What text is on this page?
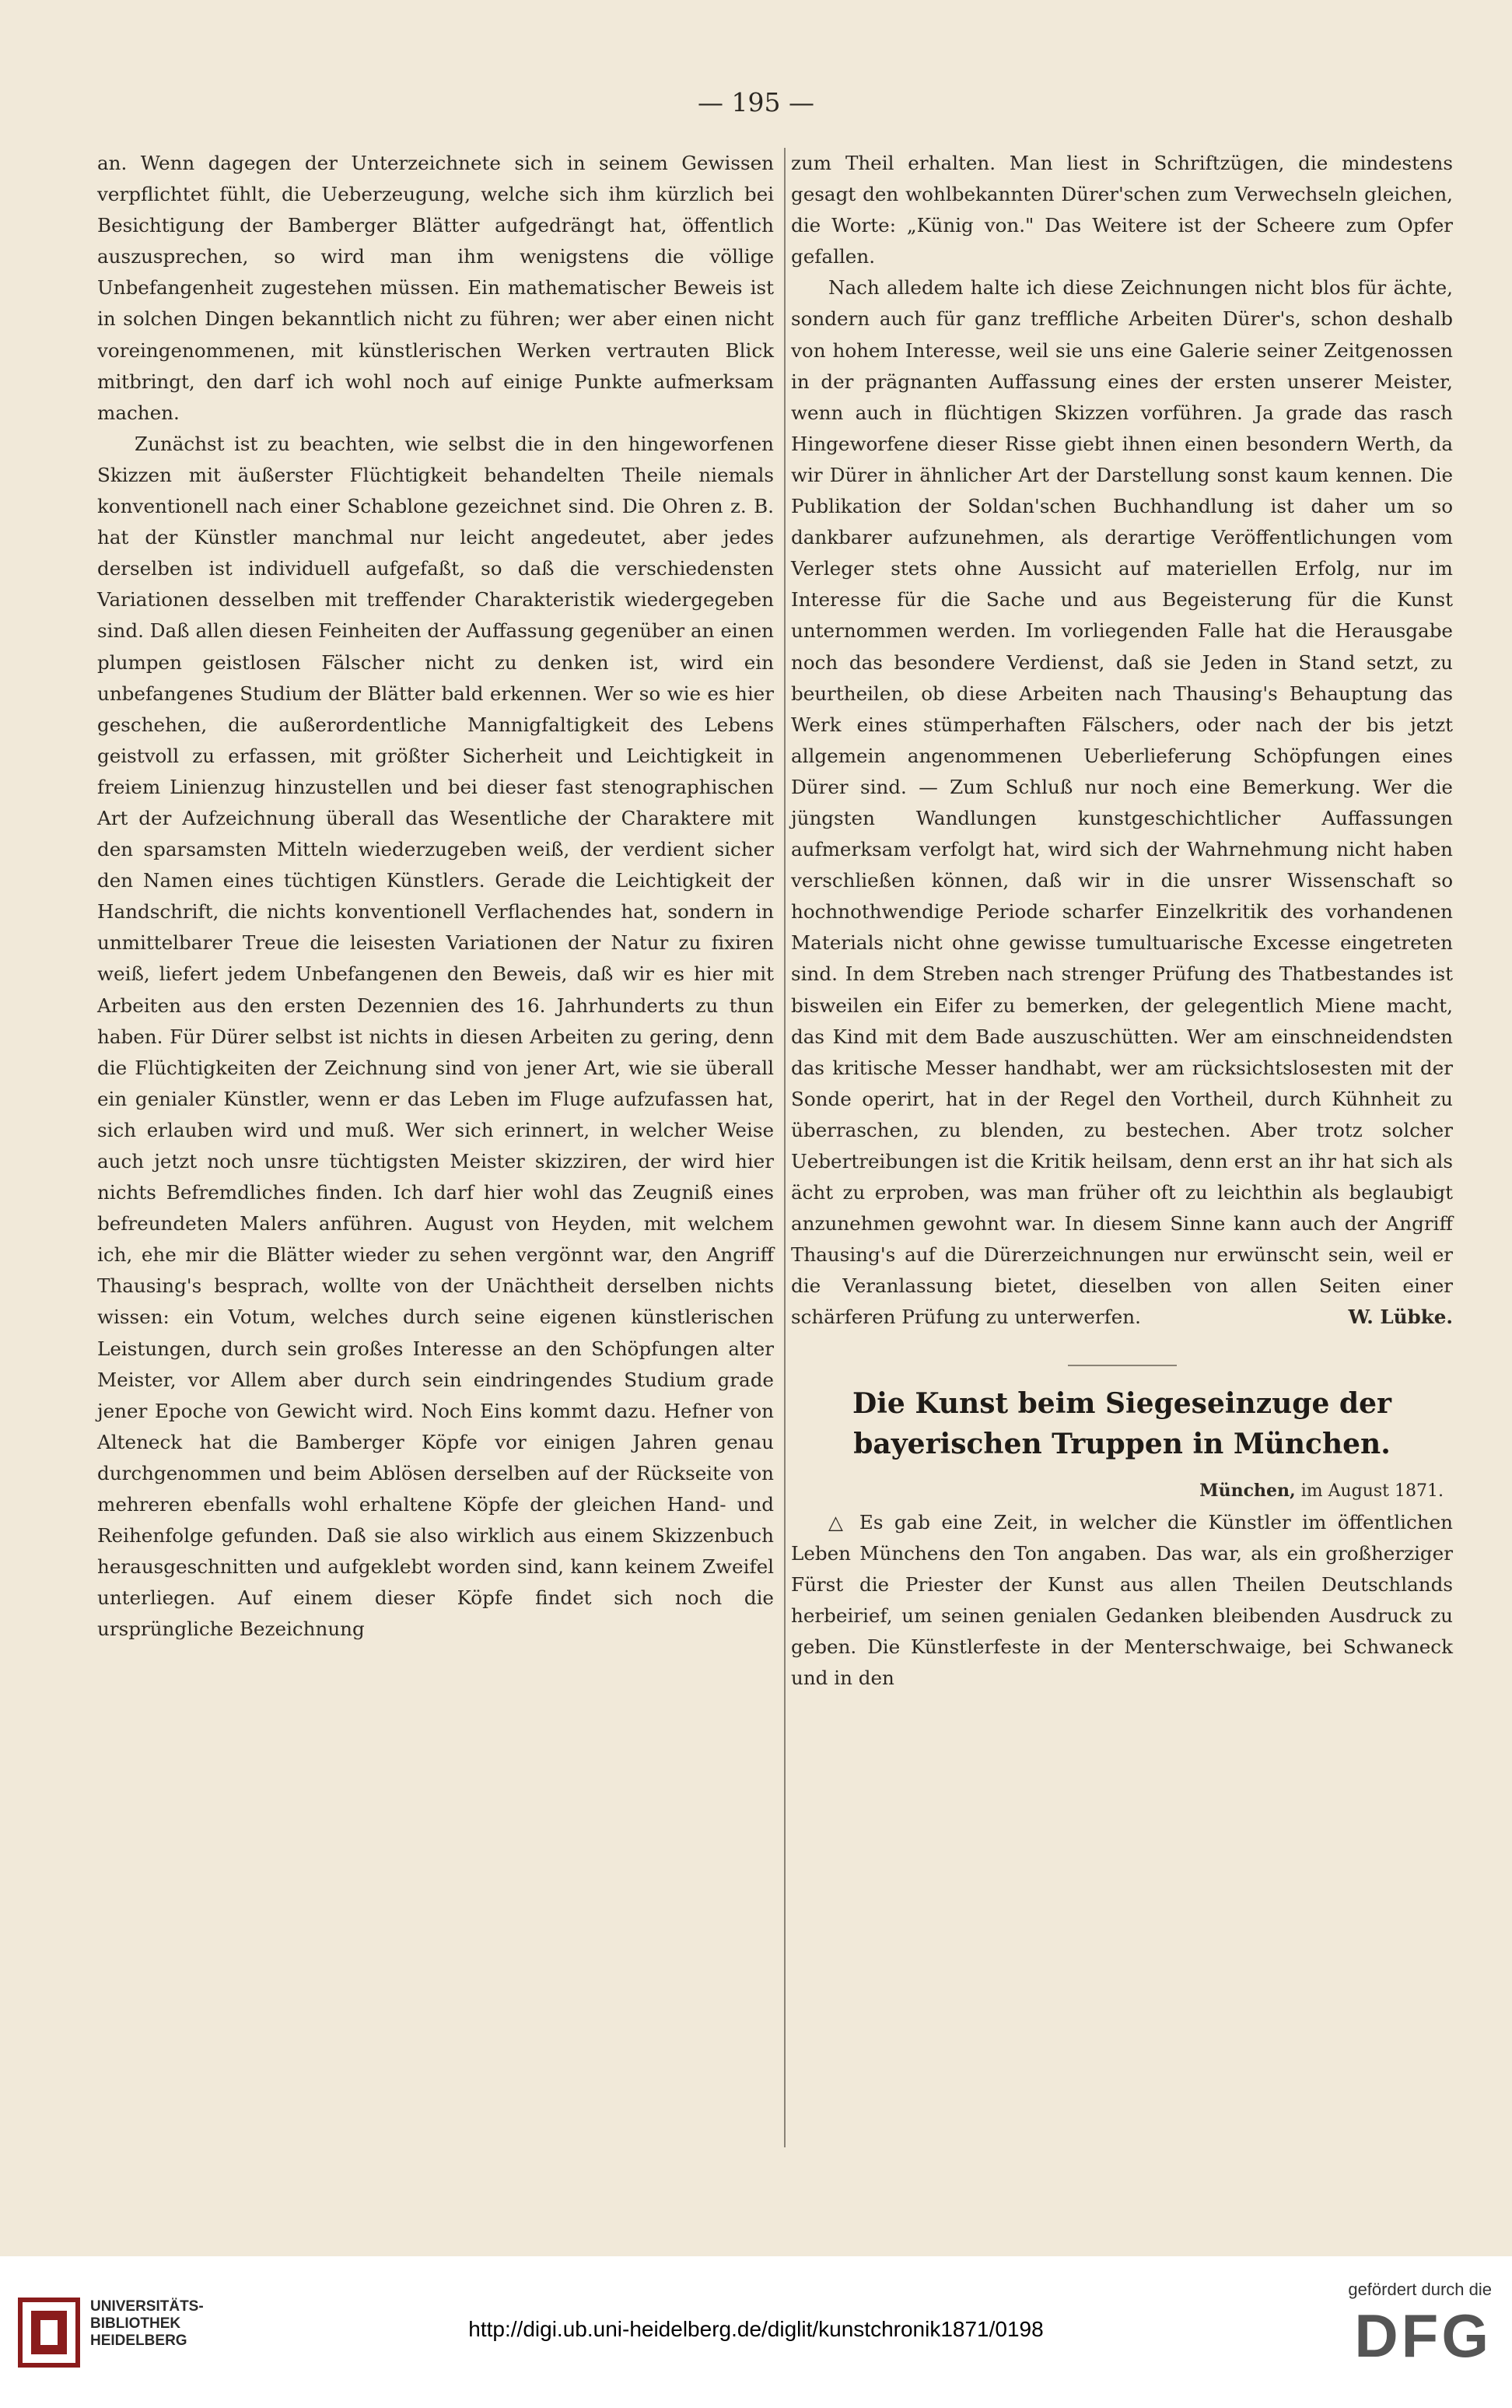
— 195 —

an. Wenn dagegen der Unterzeichnete sich in seinem Gewissen verpflichtet fühlt, die Ueberzeugung, welche sich ihm kürzlich bei Besichtigung der Bamberger Blätter aufgedrängt hat, öffentlich auszusprechen, so wird man ihm wenigstens die völlige Unbefangenheit zugestehen müssen. Ein mathematischer Beweis ist in solchen Dingen bekanntlich nicht zu führen; wer aber einen nicht voreingenommenen, mit künstlerischen Werken vertrauten Blick mitbringt, den darf ich wohl noch auf einige Punkte aufmerksam machen.

Zunächst ist zu beachten, wie selbst die in den hingeworfenen Skizzen mit äußerster Flüchtigkeit behandelten Theile niemals konventionell nach einer Schablone gezeichnet sind. Die Ohren z. B. hat der Künstler manchmal nur leicht angedeutet, aber jedes derselben ist individuell aufgefaßt, so daß die verschiedensten Variationen desselben mit treffender Charakteristik wiedergegeben sind. Daß allen diesen Feinheiten der Auffassung gegenüber an einen plumpen geistlosen Fälscher nicht zu denken ist, wird ein unbefangenes Studium der Blätter bald erkennen. Wer so wie es hier geschehen, die außerordentliche Mannigfaltigkeit des Lebens geistvoll zu erfassen, mit größter Sicherheit und Leichtigkeit in freiem Linienzug hinzustellen und bei dieser fast stenographischen Art der Aufzeichnung überall das Wesentliche der Charaktere mit den sparsamsten Mitteln wiederzugeben weiß, der verdient sicher den Namen eines tüchtigen Künstlers. Gerade die Leichtigkeit der Handschrift, die nichts konventionell Verflachendes hat, sondern in unmittelbarer Treue die leisesten Variationen der Natur zu fixiren weiß, liefert jedem Unbefangenen den Beweis, daß wir es hier mit Arbeiten aus den ersten Dezennien des 16. Jahrhunderts zu thun haben. Für Dürer selbst ist nichts in diesen Arbeiten zu gering, denn die Flüchtigkeiten der Zeichnung sind von jener Art, wie sie überall ein genialer Künstler, wenn er das Leben im Fluge aufzufassen hat, sich erlauben wird und muß. Wer sich erinnert, in welcher Weise auch jetzt noch unsre tüchtigsten Meister skizziren, der wird hier nichts Befremdliches finden. Ich darf hier wohl das Zeugniß eines befreundeten Malers anführen. August von Heyden, mit welchem ich, ehe mir die Blätter wieder zu sehen vergönnt war, den Angriff Thausing's besprach, wollte von der Unächtheit derselben nichts wissen: ein Votum, welches durch seine eigenen künstlerischen Leistungen, durch sein großes Interesse an den Schöpfungen alter Meister, vor Allem aber durch sein eindringendes Studium grade jener Epoche von Gewicht wird. Noch Eins kommt dazu. Hefner von Alteneck hat die Bamberger Köpfe vor einigen Jahren genau durchgenommen und beim Ablösen derselben auf der Rückseite von mehreren ebenfalls wohl erhaltene Köpfe der gleichen Hand- und Reihenfolge gefunden. Daß sie also wirklich aus einem Skizzenbuch herausgeschnitten und aufgeklebt worden sind, kann keinem Zweifel unterliegen. Auf einem dieser Köpfe findet sich noch die ursprüngliche Bezeichnung

zum Theil erhalten. Man liest in Schriftzügen, die mindestens gesagt den wohlbekannten Dürer'schen zum Verwechseln gleichen, die Worte: „Künig von." Das Weitere ist der Scheere zum Opfer gefallen.

Nach alledem halte ich diese Zeichnungen nicht blos für ächte, sondern auch für ganz treffliche Arbeiten Dürer's, schon deshalb von hohem Interesse, weil sie uns eine Galerie seiner Zeitgenossen in der prägnanten Auffassung eines der ersten unserer Meister, wenn auch in flüchtigen Skizzen vorführen. Ja grade das rasch Hingeworfene dieser Risse giebt ihnen einen besondern Werth, da wir Dürer in ähnlicher Art der Darstellung sonst kaum kennen. Die Publikation der Soldan'schen Buchhandlung ist daher um so dankbarer aufzunehmen, als derartige Veröffentlichungen vom Verleger stets ohne Aussicht auf materiellen Erfolg, nur im Interesse für die Sache und aus Begeisterung für die Kunst unternommen werden. Im vorliegenden Falle hat die Herausgabe noch das besondere Verdienst, daß sie Jeden in Stand setzt, zu beurtheilen, ob diese Arbeiten nach Thausing's Behauptung das Werk eines stümperhaften Fälschers, oder nach der bis jetzt allgemein angenommenen Ueberlieferung Schöpfungen eines Dürer sind. — Zum Schluß nur noch eine Bemerkung. Wer die jüngsten Wandlungen kunstgeschichtlicher Auffassungen aufmerksam verfolgt hat, wird sich der Wahrnehmung nicht haben verschließen können, daß wir in die unsrer Wissenschaft so hochnothwendige Periode scharfer Einzelkritik des vorhandenen Materials nicht ohne gewisse tumultuarische Excesse eingetreten sind. In dem Streben nach strenger Prüfung des Thatbestandes ist bisweilen ein Eifer zu bemerken, der gelegentlich Miene macht, das Kind mit dem Bade auszuschütten. Wer am einschneidendsten das kritische Messer handhabt, wer am rücksichtslosesten mit der Sonde operirt, hat in der Regel den Vortheil, durch Kühnheit zu überraschen, zu blenden, zu bestechen. Aber trotz solcher Uebertreibungen ist die Kritik heilsam, denn erst an ihr hat sich als ächt zu erproben, was man früher oft zu leichthin als beglaubigt anzunehmen gewohnt war. In diesem Sinne kann auch der Angriff Thausing's auf die Dürerzeichnungen nur erwünscht sein, weil er die Veranlassung bietet, dieselben von allen Seiten einer schärferen Prüfung zu unterwerfen.	W. Lübke.

Die Kunst beim Siegeseinzuge der bayerischen Truppen in München.
München, im August 1871.

△ Es gab eine Zeit, in welcher die Künstler im öffentlichen Leben Münchens den Ton angaben. Das war, als ein großherziger Fürst die Priester der Kunst aus allen Theilen Deutschlands herbeirief, um seinen genialen Gedanken bleibenden Ausdruck zu geben. Die Künstlerfeste in der Menterschwaige, bei Schwaneck und in den

UNIVERSITÄTS-
BIBLIOTHEK
HEIDELBERG	http://digi.ub.uni-heidelberg.de/diglit/kunstchronik1871/0198
gefördert durch die
DFG
